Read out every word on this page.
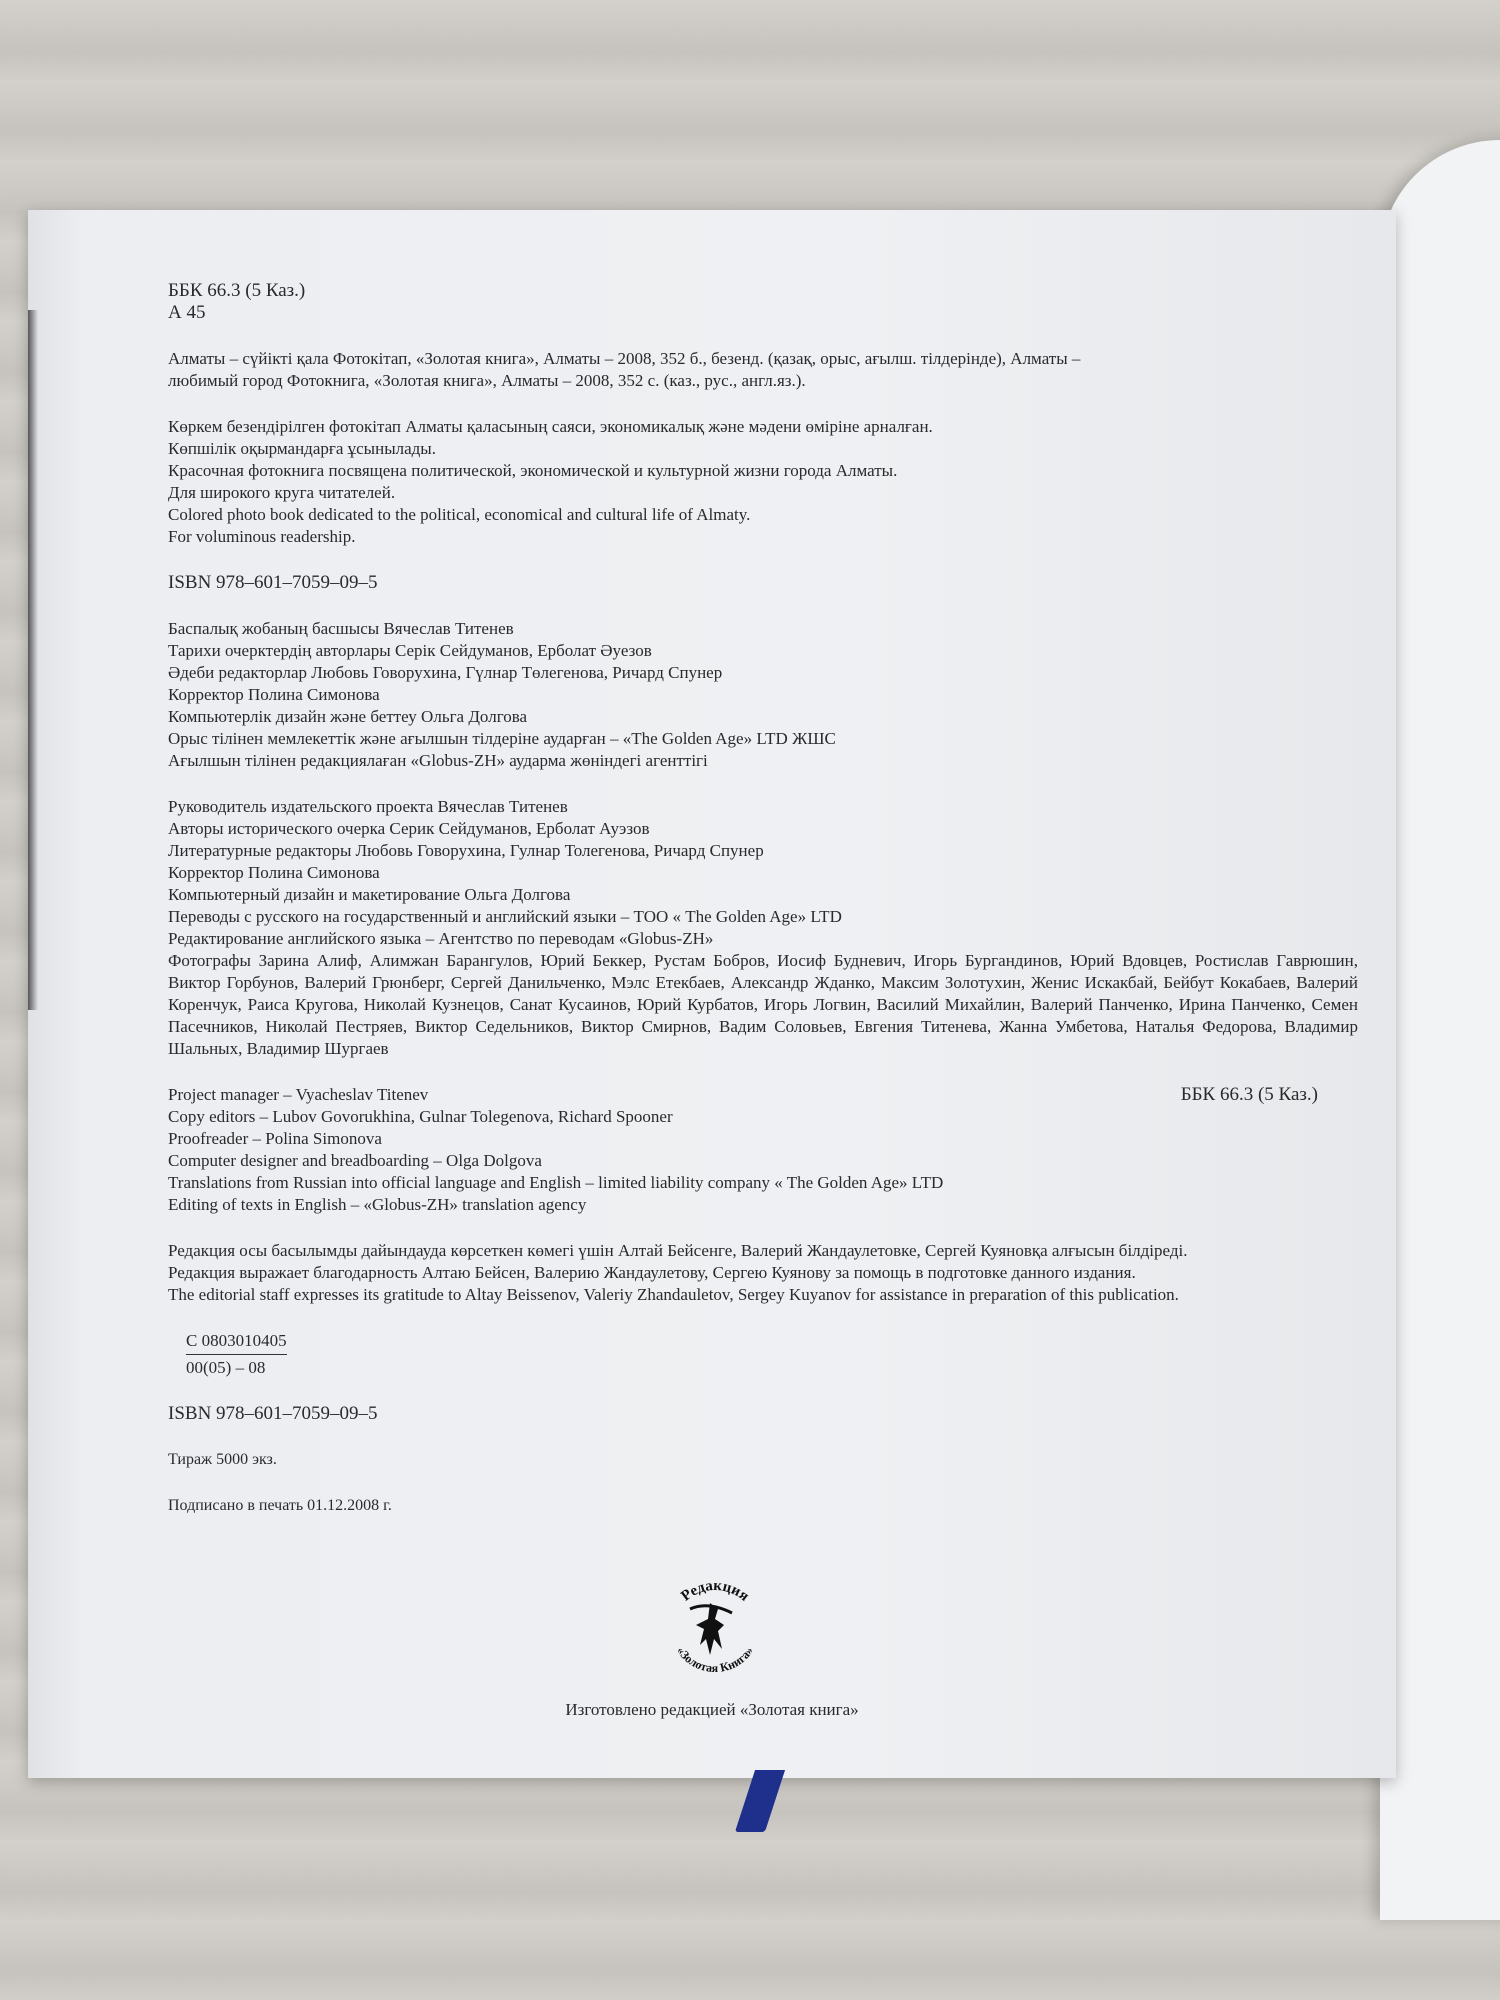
ББК 66.3 (5 Каз.)

А 45

Алматы – сүйікті қала Фотокітап, «Золотая книга», Алматы – 2008, 352 б., безенд. (қазақ, орыс, ағылш. тілдерінде), Алматы –

любимый город Фотокнига, «Золотая книга», Алматы – 2008, 352 с. (каз., рус., англ.яз.).

Көркем безендірілген фотокітап Алматы қаласының саяси, экономикалық және мәдени өміріне арналған.

Көпшілік оқырмандарға ұсынылады.

Красочная фотокнига посвящена политической, экономической и культурной жизни города Алматы.

Для широкого круга читателей.

Colored photo book dedicated to the political, economical and cultural life of Almaty.

For voluminous readership.

ISBN 978–601–7059–09–5

Баспалық жобаның басшысы Вячеслав Титенев

Тарихи очерктердің авторлары Серік Сейдуманов, Ерболат Әуезов

Әдеби редакторлар Любовь Говорухина, Гүлнар Төлегенова, Ричард Спунер

Корректор Полина Симонова

Компьютерлік дизайн және беттеу Ольга Долгова

Орыс тілінен мемлекеттік және ағылшын тілдеріне аударған – «The Golden Age» LTD ЖШС

Ағылшын тілінен редакциялаған «Globus-ZH» аударма жөніндегі агенттігі

Руководитель издательского проекта Вячеслав Титенев

Авторы исторического очерка Серик Сейдуманов, Ерболат Ауэзов

Литературные редакторы Любовь Говорухина, Гулнар Толегенова, Ричард Спунер

Корректор Полина Симонова

Компьютерный дизайн и макетирование Ольга Долгова

Переводы с русского на государственный и английский языки – ТОО « The Golden Age» LTD

Редактирование английского языка – Агентство по переводам «Globus-ZH»

Фотографы Зарина Алиф, Алимжан Барангулов, Юрий Беккер, Рустам Бобров, Иосиф Будневич, Игорь Бургандинов, Юрий Вдовцев, Ростислав Гаврюшин, Виктор Горбунов, Валерий Грюнберг, Сергей Данильченко, Мэлс Етекбаев, Александр Жданко, Максим Золотухин, Женис Искакбай, Бейбут Кокабаев, Валерий Коренчук, Раиса Кругова, Николай Кузнецов, Санат Кусаинов, Юрий Курбатов, Игорь Логвин, Василий Михайлин, Валерий Панченко, Ирина Панченко, Семен Пасечников, Николай Пестряев, Виктор Седельников, Виктор Смирнов, Вадим Соловьев, Евгения Титенева, Жанна Умбетова, Наталья Федорова, Владимир Шальных, Владимир Шургаев

ББК 66.3 (5 Каз.)

Project manager – Vyacheslav Titenev

Copy editors – Lubov Govorukhina, Gulnar Tolegenova, Richard Spooner

Proofreader – Polina Simonova

Computer designer and breadboarding – Olga Dolgova

Translations from Russian into official language and English – limited liability company « The Golden Age» LTD

Editing of texts in English – «Globus-ZH» translation agency

Редакция осы басылымды дайындауда көрсеткен көмегі үшін Алтай Бейсенге, Валерий Жандаулетовке, Сергей Куяновқа алғысын білдіреді.

Редакция выражает благодарность Алтаю Бейсен, Валерию Жандаулетову, Сергею Куянову за помощь в подготовке данного издания.

The editorial staff expresses its gratitude to Altay Beissenov, Valeriy Zhandauletov, Sergey Kuyanov for assistance in preparation of this publication.

$\frac{С 0803010405}{00(05) - 08}$

ISBN 978–601–7059–09–5

Тираж 5000 экз.

Подписано в печать 01.12.2008 г.

Редакция
«Золотая Книга»
Изготовлено редакцией «Золотая книга»
